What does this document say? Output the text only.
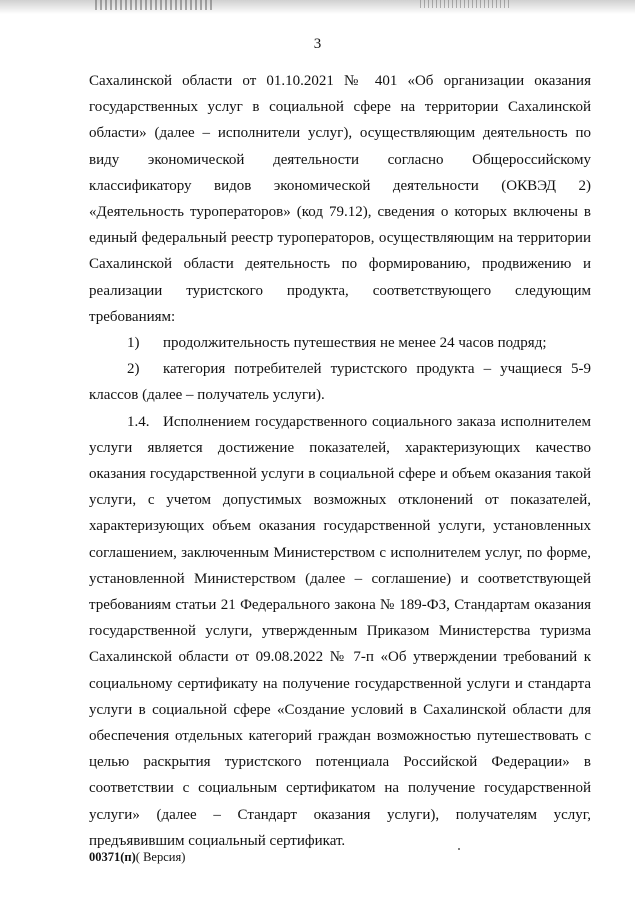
3

Сахалинской области от 01.10.2021 № 401 «Об организации оказания государственных услуг в социальной сфере на территории Сахалинской области» (далее – исполнители услуг), осуществляющим деятельность по виду экономической деятельности согласно Общероссийскому классификатору видов экономической деятельности (ОКВЭД 2) «Деятельность туроператоров» (код 79.12), сведения о которых включены в единый федеральный реестр туроператоров, осуществляющим на территории Сахалинской области деятельность по формированию, продвижению и реализации туристского продукта, соответствующего следующим требованиям:

1) продолжительность путешествия не менее 24 часов подряд;

2) категория потребителей туристского продукта – учащиеся 5-9 классов (далее – получатель услуги).

1.4. Исполнением государственного социального заказа исполнителем услуги является достижение показателей, характеризующих качество оказания государственной услуги в социальной сфере и объем оказания такой услуги, с учетом допустимых возможных отклонений от показателей, характеризующих объем оказания государственной услуги, установленных соглашением, заключенным Министерством с исполнителем услуг, по форме, установленной Министерством (далее – соглашение) и соответствующей требованиям статьи 21 Федерального закона № 189-ФЗ, Стандартам оказания государственной услуги, утвержденным Приказом Министерства туризма Сахалинской области от 09.08.2022 № 7-п «Об утверждении требований к социальному сертификату на получение государственной услуги и стандарта услуги в социальной сфере «Создание условий в Сахалинской области для обеспечения отдельных категорий граждан возможностью путешествовать с целью раскрытия туристского потенциала Российской Федерации» в соответствии с социальным сертификатом на получение государственной услуги» (далее – Стандарт оказания услуги), получателям услуг, предъявившим социальный сертификат.

00371(п)( Версия)
